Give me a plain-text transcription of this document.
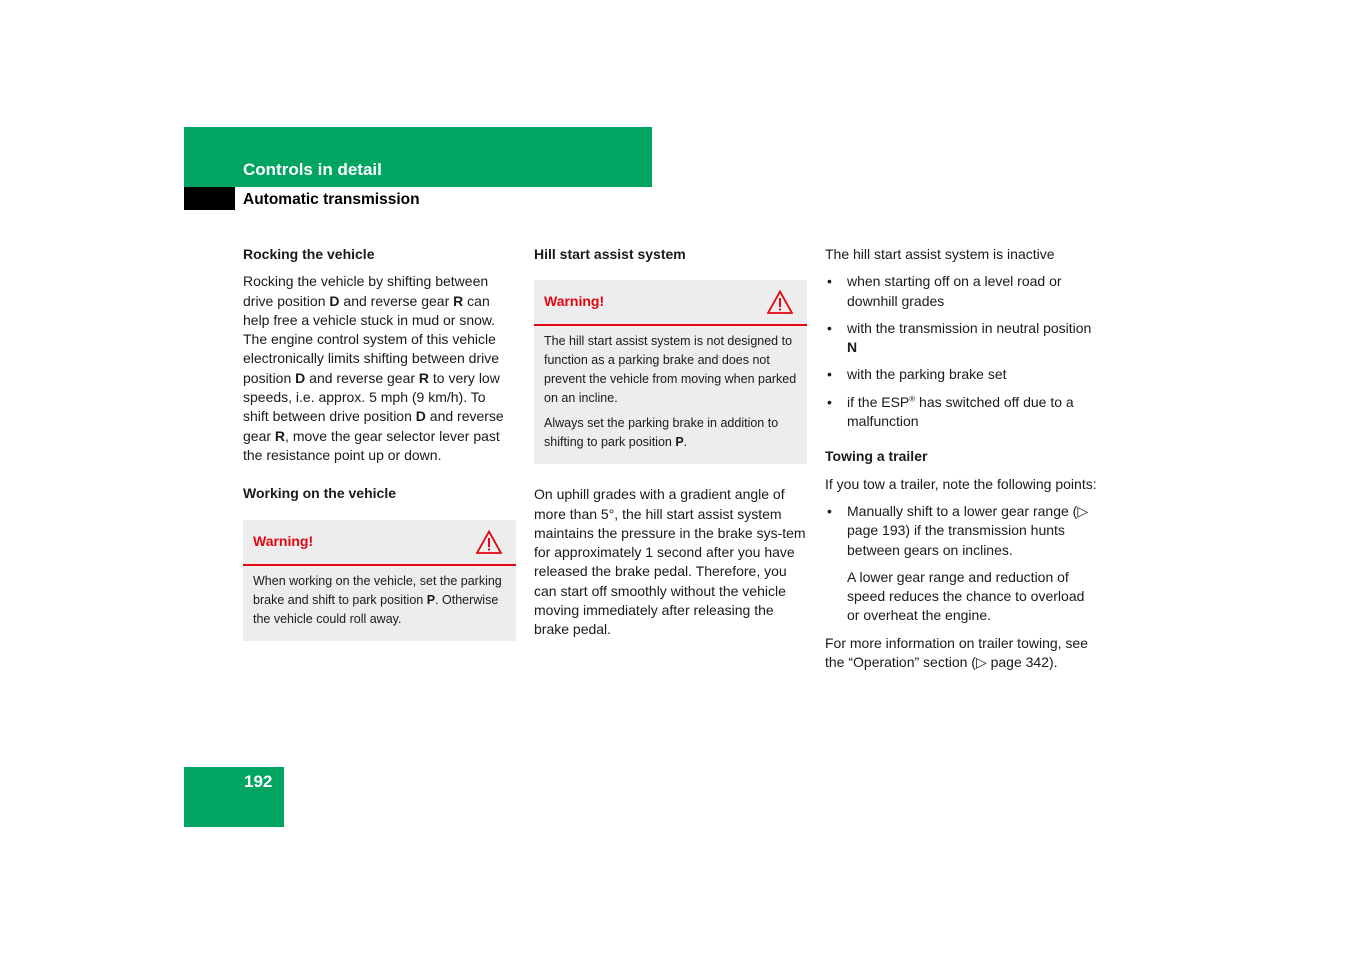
Controls in detail
Automatic transmission

Rocking the vehicle

Rocking the vehicle by shifting between drive position D and reverse gear R can help free a vehicle stuck in mud or snow. The engine control system of this vehicle electronically limits shifting between drive position D and reverse gear R to very low speeds, i.e. approx. 5 mph (9 km/h). To shift between drive position D and reverse gear R, move the gear selector lever past the resistance point up or down.

Working on the vehicle

Warning!

When working on the vehicle, set the parking brake and shift to park position P. Otherwise the vehicle could roll away.

Hill start assist system

Warning!

The hill start assist system is not designed to function as a parking brake and does not prevent the vehicle from moving when parked on an incline.

Always set the parking brake in addition to shifting to park position P.

On uphill grades with a gradient angle of more than 5°, the hill start assist system maintains the pressure in the brake sys-tem for approximately 1 second after you have released the brake pedal. Therefore, you can start off smoothly without the vehicle moving immediately after releasing the brake pedal.

The hill start assist system is inactive

• when starting off on a level road or downhill grades
• with the transmission in neutral position N
• with the parking brake set
• if the ESP® has switched off due to a malfunction

Towing a trailer

If you tow a trailer, note the following points:

• Manually shift to a lower gear range (▷ page 193) if the transmission hunts between gears on inclines.

A lower gear range and reduction of speed reduces the chance to overload or overheat the engine.

For more information on trailer towing, see the “Operation” section (▷ page 342).

192
